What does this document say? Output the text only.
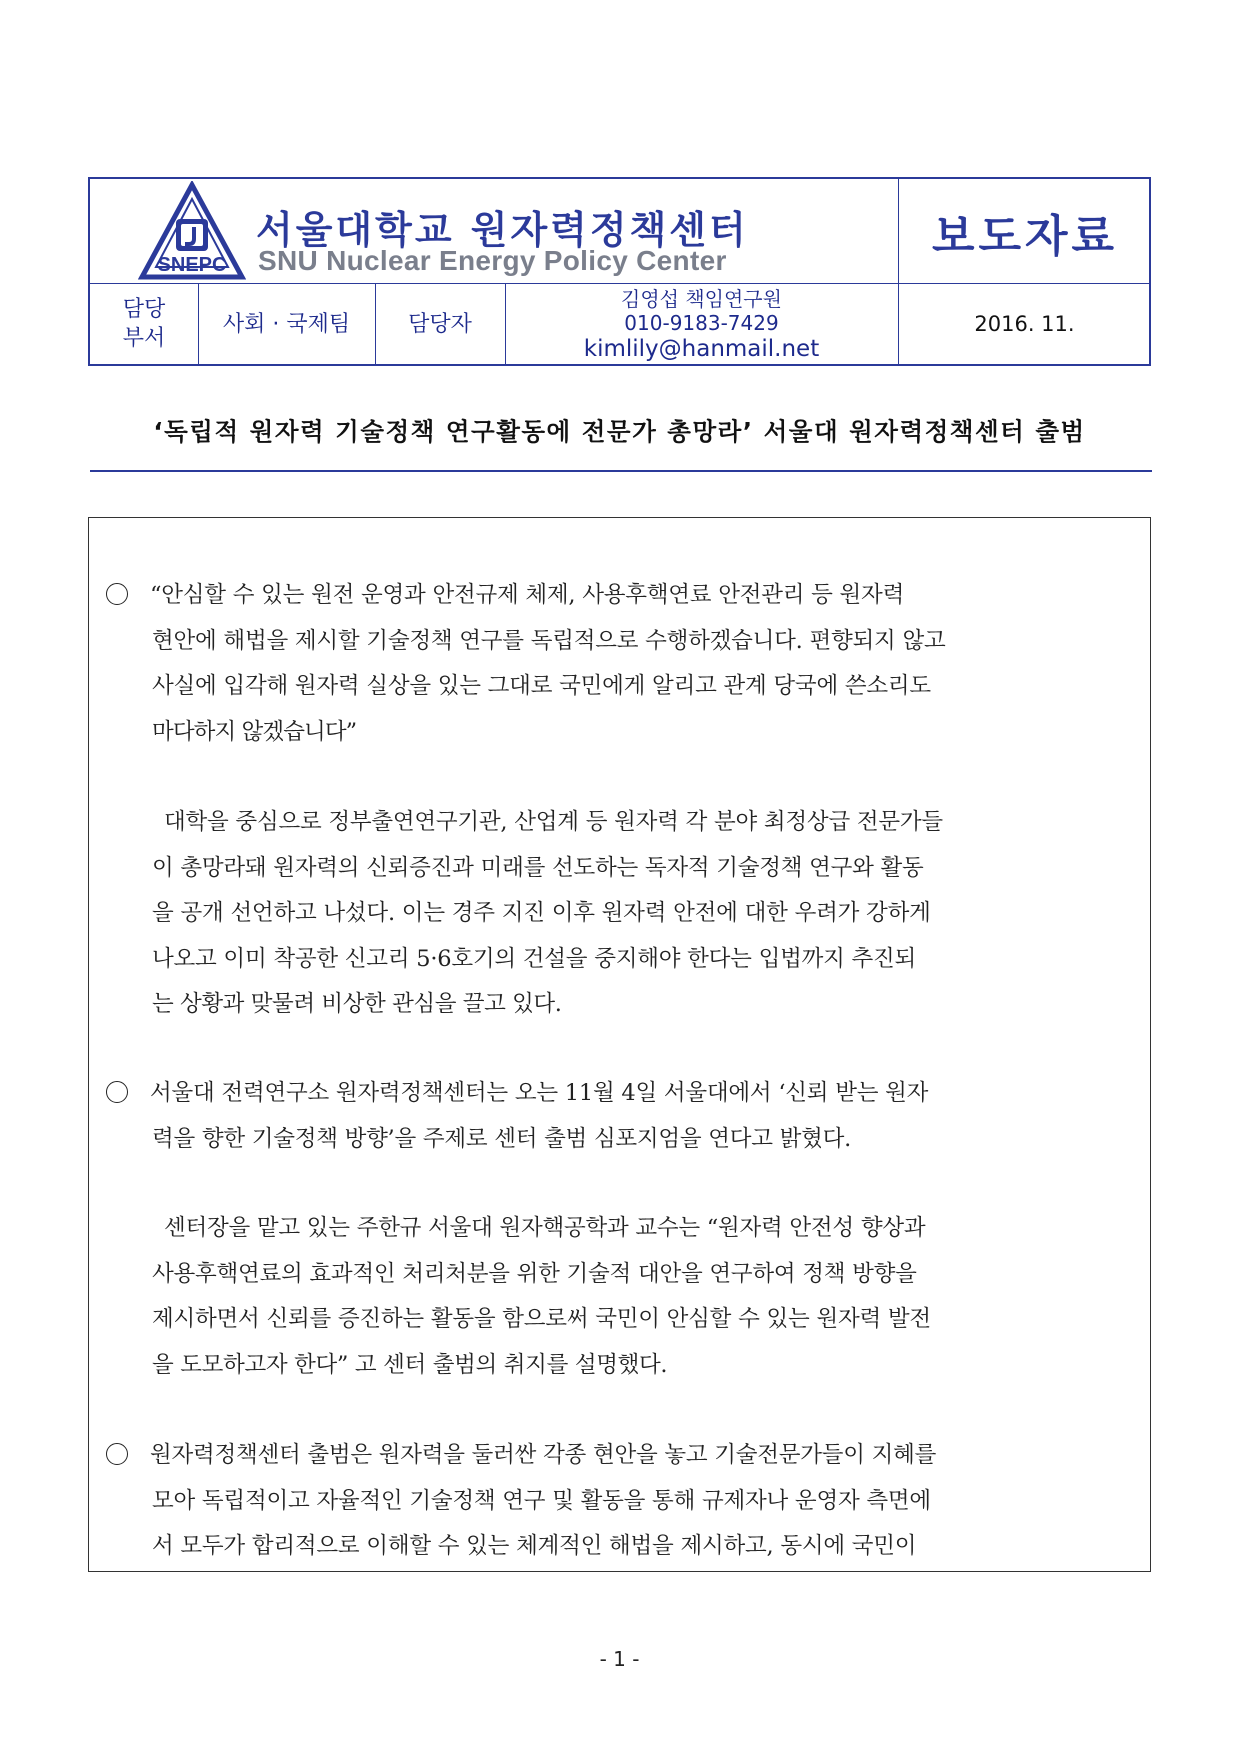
SNEPC
서울대학교 원자력정책센터
SNU Nuclear Energy Policy Center	보도자료
담당
부서
사회 · 국제팀	담당자
김영섭 책임연구원
010-9183-7429
kimlily@hanmail.net
2016. 11.
‘독립적 원자력 기술정책 연구활동에 전문가 총망라’ 서울대 원자력정책센터 출범
“안심할 수 있는 원전 운영과 안전규제 체제, 사용후핵연료 안전관리 등 원자력
현안에 해법을 제시할 기술정책 연구를 독립적으로 수행하겠습니다. 편향되지 않고
사실에 입각해 원자력 실상을 있는 그대로 국민에게 알리고 관계 당국에 쓴소리도
마다하지 않겠습니다”
대학을 중심으로 정부출연연구기관, 산업계 등 원자력 각 분야 최정상급 전문가들
이 총망라돼 원자력의 신뢰증진과 미래를 선도하는 독자적 기술정책 연구와 활동
을 공개 선언하고 나섰다. 이는 경주 지진 이후 원자력 안전에 대한 우려가 강하게
나오고 이미 착공한 신고리 5·6호기의 건설을 중지해야 한다는 입법까지 추진되
는 상황과 맞물려 비상한 관심을 끌고 있다.
서울대 전력연구소 원자력정책센터는 오는 11월 4일 서울대에서 ‘신뢰 받는 원자
력을 향한 기술정책 방향’을 주제로 센터 출범 심포지엄을 연다고 밝혔다.
센터장을 맡고 있는 주한규 서울대 원자핵공학과 교수는 “원자력 안전성 향상과
사용후핵연료의 효과적인 처리처분을 위한 기술적 대안을 연구하여 정책 방향을
제시하면서 신뢰를 증진하는 활동을 함으로써 국민이 안심할 수 있는 원자력 발전
을 도모하고자 한다” 고 센터 출범의 취지를 설명했다.
원자력정책센터 출범은 원자력을 둘러싼 각종 현안을 놓고 기술전문가들이 지혜를
모아 독립적이고 자율적인 기술정책 연구 및 활동을 통해 규제자나 운영자 측면에
서 모두가 합리적으로 이해할 수 있는 체계적인 해법을 제시하고, 동시에 국민이
- 1 -
